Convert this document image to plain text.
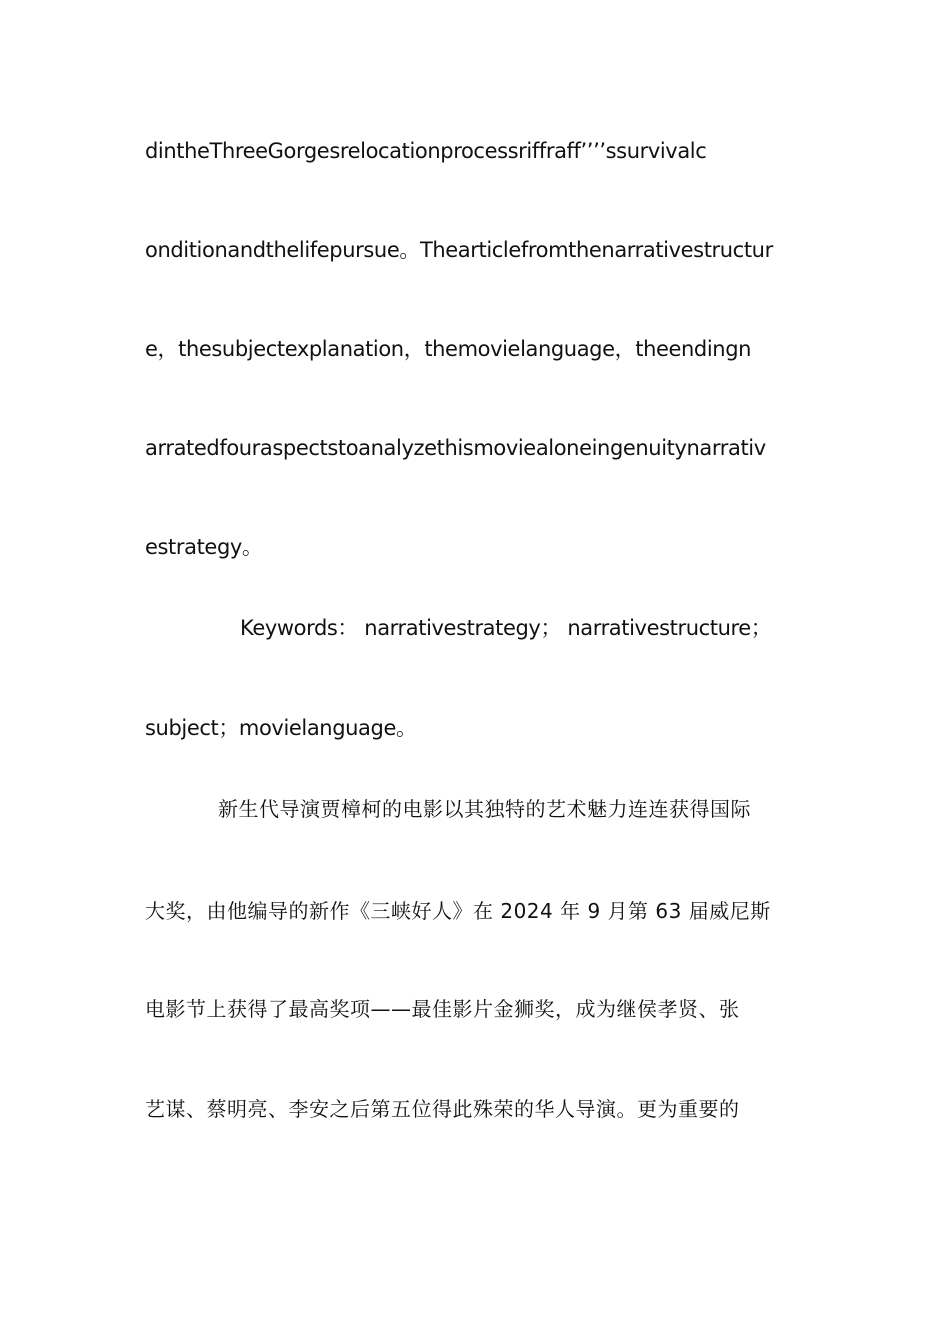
dintheThreeGorgesrelocationprocessriffraff’’’’ssurvivalc
onditionandthelifepursue。Thearticlefromthenarrativestructur
e，thesubjectexplanation，themovielanguage，theendingn
arratedfouraspectstoanalyzethismoviealoneingenuitynarrativ
estrategy。
Keywords： narrativestrategy； narrativestructure；
subject；movielanguage。
新生代导演贾樟柯的电影以其独特的艺术魅力连连获得国际
大奖，由他编导的新作《三峡好人》在 2024 年 9 月第 63 届威尼斯
电影节上获得了最高奖项——最佳影片金狮奖，成为继侯孝贤、张
艺谋、蔡明亮、李安之后第五位得此殊荣的华人导演。更为重要的
